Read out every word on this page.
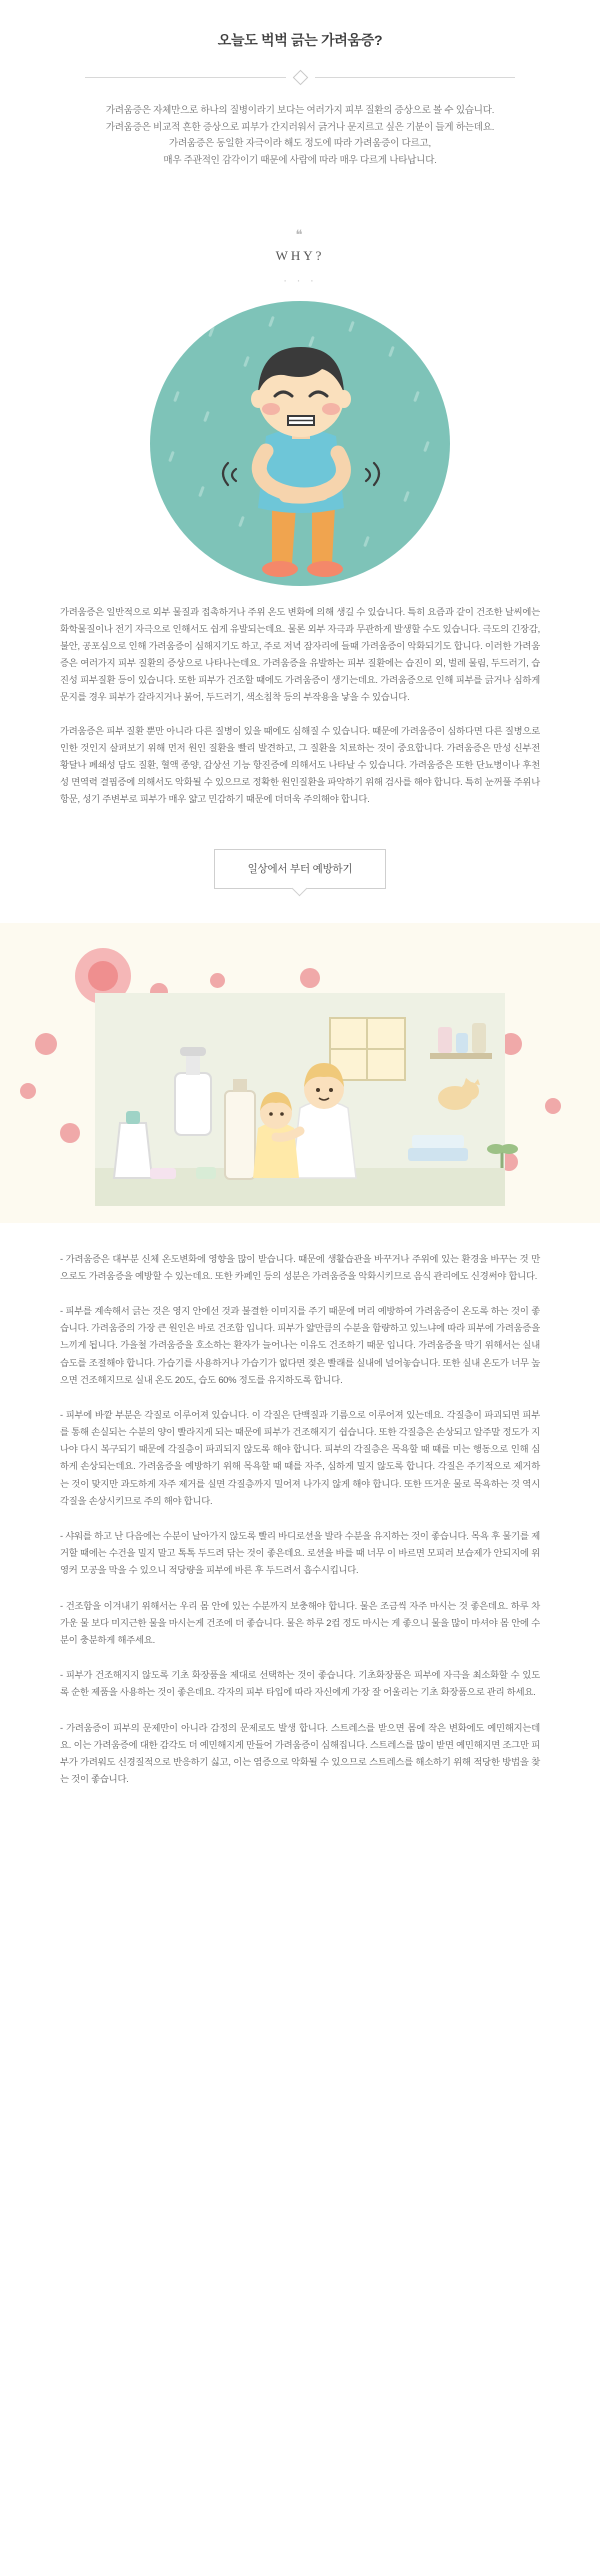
오늘도 벅벅 긁는 가려움증?
가려움증은 자체만으로 하나의 질병이라기 보다는 여러가지 피부 질환의 증상으로 볼 수 있습니다.
가려움증은 비교적 흔한 증상으로 피부가 간지러워서 긁거나 문지르고 싶은 기분이 들게 하는데요.
가려움증은 동일한 자극이라 해도 정도에 따라 가려움증이 다르고,
매우 주관적인 감각이기 때문에 사람에 따라 매우 다르게 나타납니다.
❝
WHY?
· · ·

가려움증은 일반적으로 외부 물질과 접촉하거나 주위 온도 변화에 의해 생길 수 있습니다. 특히 요즘과 같이 건조한 날씨에는 화학물질이나 전기 자극으로 인해서도 쉽게 유발되는데요. 물론 외부 자극과 무관하게 발생할 수도 있습니다. 극도의 긴장감, 불안, 공포심으로 인해 가려움증이 심해지기도 하고, 주로 저녁 잠자리에 들때 가려움증이 악화되기도 합니다. 이러한 가려움증은 여러가지 피부 질환의 증상으로 나타나는데요. 가려움증을 유발하는 피부 질환에는 습진이 외, 벌레 물림, 두드러기, 습진성 피부질환 등이 있습니다. 또한 피부가 건조할 때에도 가려움증이 생기는데요. 가려움증으로 인해 피부를 긁거나 심하게 문지를 경우 피부가 갈라지거나 붉어, 두드러기, 색소침착 등의 부작용을 낳을 수 있습니다.

가려움증은 피부 질환 뿐만 아니라 다른 질병이 있을 때에도 심해질 수 있습니다. 때문에 가려움증이 심하다면 다른 질병으로 인한 것인지 살펴보기 위해 먼저 원인 질환을 빨리 발견하고, 그 질환을 치료하는 것이 중요합니다. 가려움증은 만성 신부전 황달나 폐쇄성 담도 질환, 혈액 종양, 갑상선 기능 항진증에 의해서도 나타날 수 있습니다. 가려움증은 또한 단뇨병이나 후천성 면역력 결핍증에 의해서도 악화될 수 있으므로 정확한 원인질환을 파악하기 위해 검사를 해야 합니다. 특히 눈꺼풀 주위나 항문, 성기 주변부로 피부가 매우 얇고 민감하기 때문에 더더욱 주의해야 합니다.

일상에서 부터 예방하기

- 가려움증은 대부분 신체 온도변화에 영향을 많이 받습니다. 때문에 생활습관을 바꾸거나 주위에 있는 환경을 바꾸는 것 만으로도 가려움증을 예방할 수 있는데요. 또한 카페인 등의 성분은 가려움증을 악화시키므로 음식 관리에도 신경써야 합니다.

- 피부를 계속해서 긁는 것은 영지 안에선 것과 불결한 이미지를 주기 때문에 머리 예방하여 가려움증이 온도록 하는 것이 좋습니다. 가려움증의 가장 큰 원인은 바로 건조함 입니다. 피부가 얇만큼의 수분을 함량하고 있느냐에 따라 피부에 가려움증을 느끼게 됩니다. 가을철 가려움증을 호소하는 환자가 늘어나는 이유도 건조하기 때문 입니다. 가려움증을 막기 위해서는 실내 습도를 조절해야 합니다. 가습기를 사용하거나 가습기가 없다면 젖은 빨래를 실내에 널어놓습니다. 또한 실내 온도가 너무 높으면 건조해지므로 실내 온도 20도, 습도 60% 정도를 유지하도록 합니다.

- 피부에 바깥 부분은 각질로 이루어져 있습니다. 이 각질은 단백질과 기름으로 이루어져 있는데요. 각질층이 파괴되면 피부를 통해 손실되는 수분의 양이 빨라지게 되는 때문에 피부가 건조해지기 쉽습니다. 또한 각질층은 손상되고 알주말 정도가 지나야 다시 복구되기 때문에 각질층이 파괴되지 않도록 해야 합니다. 피부의 각질층은 목욕할 때 때를 미는 행동으로 인해 심하게 손상되는데요. 가려움증을 예방하기 위해 목욕할 때 때를 자주, 심하게 밀지 않도록 합니다. 각질은 주기적으로 제거하는 것이 맞지만 과도하게 자주 제거를 실면 각질층까지 밀어져 나가지 않게 해야 합니다. 또한 뜨거운 물로 목욕하는 것 역시 각질을 손상시키므로 주의 해야 합니다.

- 샤워를 하고 난 다음에는 수분이 날아가지 않도록 빨리 바디로션을 발라 수분을 유지하는 것이 좋습니다. 목욕 후 물기를 제거할 때에는 수건을 밀지 말고 톡톡 두드려 닦는 것이 좋은데요. 로션을 바를 때 너무 이 바르면 모피러 보습제가 안되지에 위영커 모공을 막을 수 있으니 적당량을 피부에 바른 후 두드려서 흡수시킵니다.

- 건조함을 이겨내기 위해서는 우리 몸 안에 있는 수분까지 보충해야 합니다. 물은 조금씩 자주 마시는 것 좋은데요. 하루 차가운 물 보다 미지근한 물을 마시는게 건조에 더 좋습니다. 물은 하루 2컵 정도 마시는 게 좋으니 물을 많이 마셔야 몸 안에 수분이 충분하게 해주세요.

- 피부가 건조해지지 않도록 기초 화장품을 제대로 선택하는 것이 좋습니다. 기초화장품은 피부에 자극을 최소화할 수 있도록 순한 제품을 사용하는 것이 좋은데요. 각자의 피부 타입에 따라 자신에게 가장 잘 어울리는 기초 화장품으로 관리 하세요.

- 가려움증이 피부의 문제만이 아니라 감정의 문제로도 발생 합니다. 스트레스를 받으면 몸에 작은 변화에도 예민해지는데요. 이는 가려움증에 대한 감각도 더 예민해지게 만들어 가려움증이 심해집니다. 스트레스를 많이 받면 예민해지면 조그만 피부가 가려워도 신경질적으로 반응하기 싫고, 이는 염증으로 악화될 수 있으므로 스트레스를 해소하기 위해 적당한 방법을 찾는 것이 좋습니다.
